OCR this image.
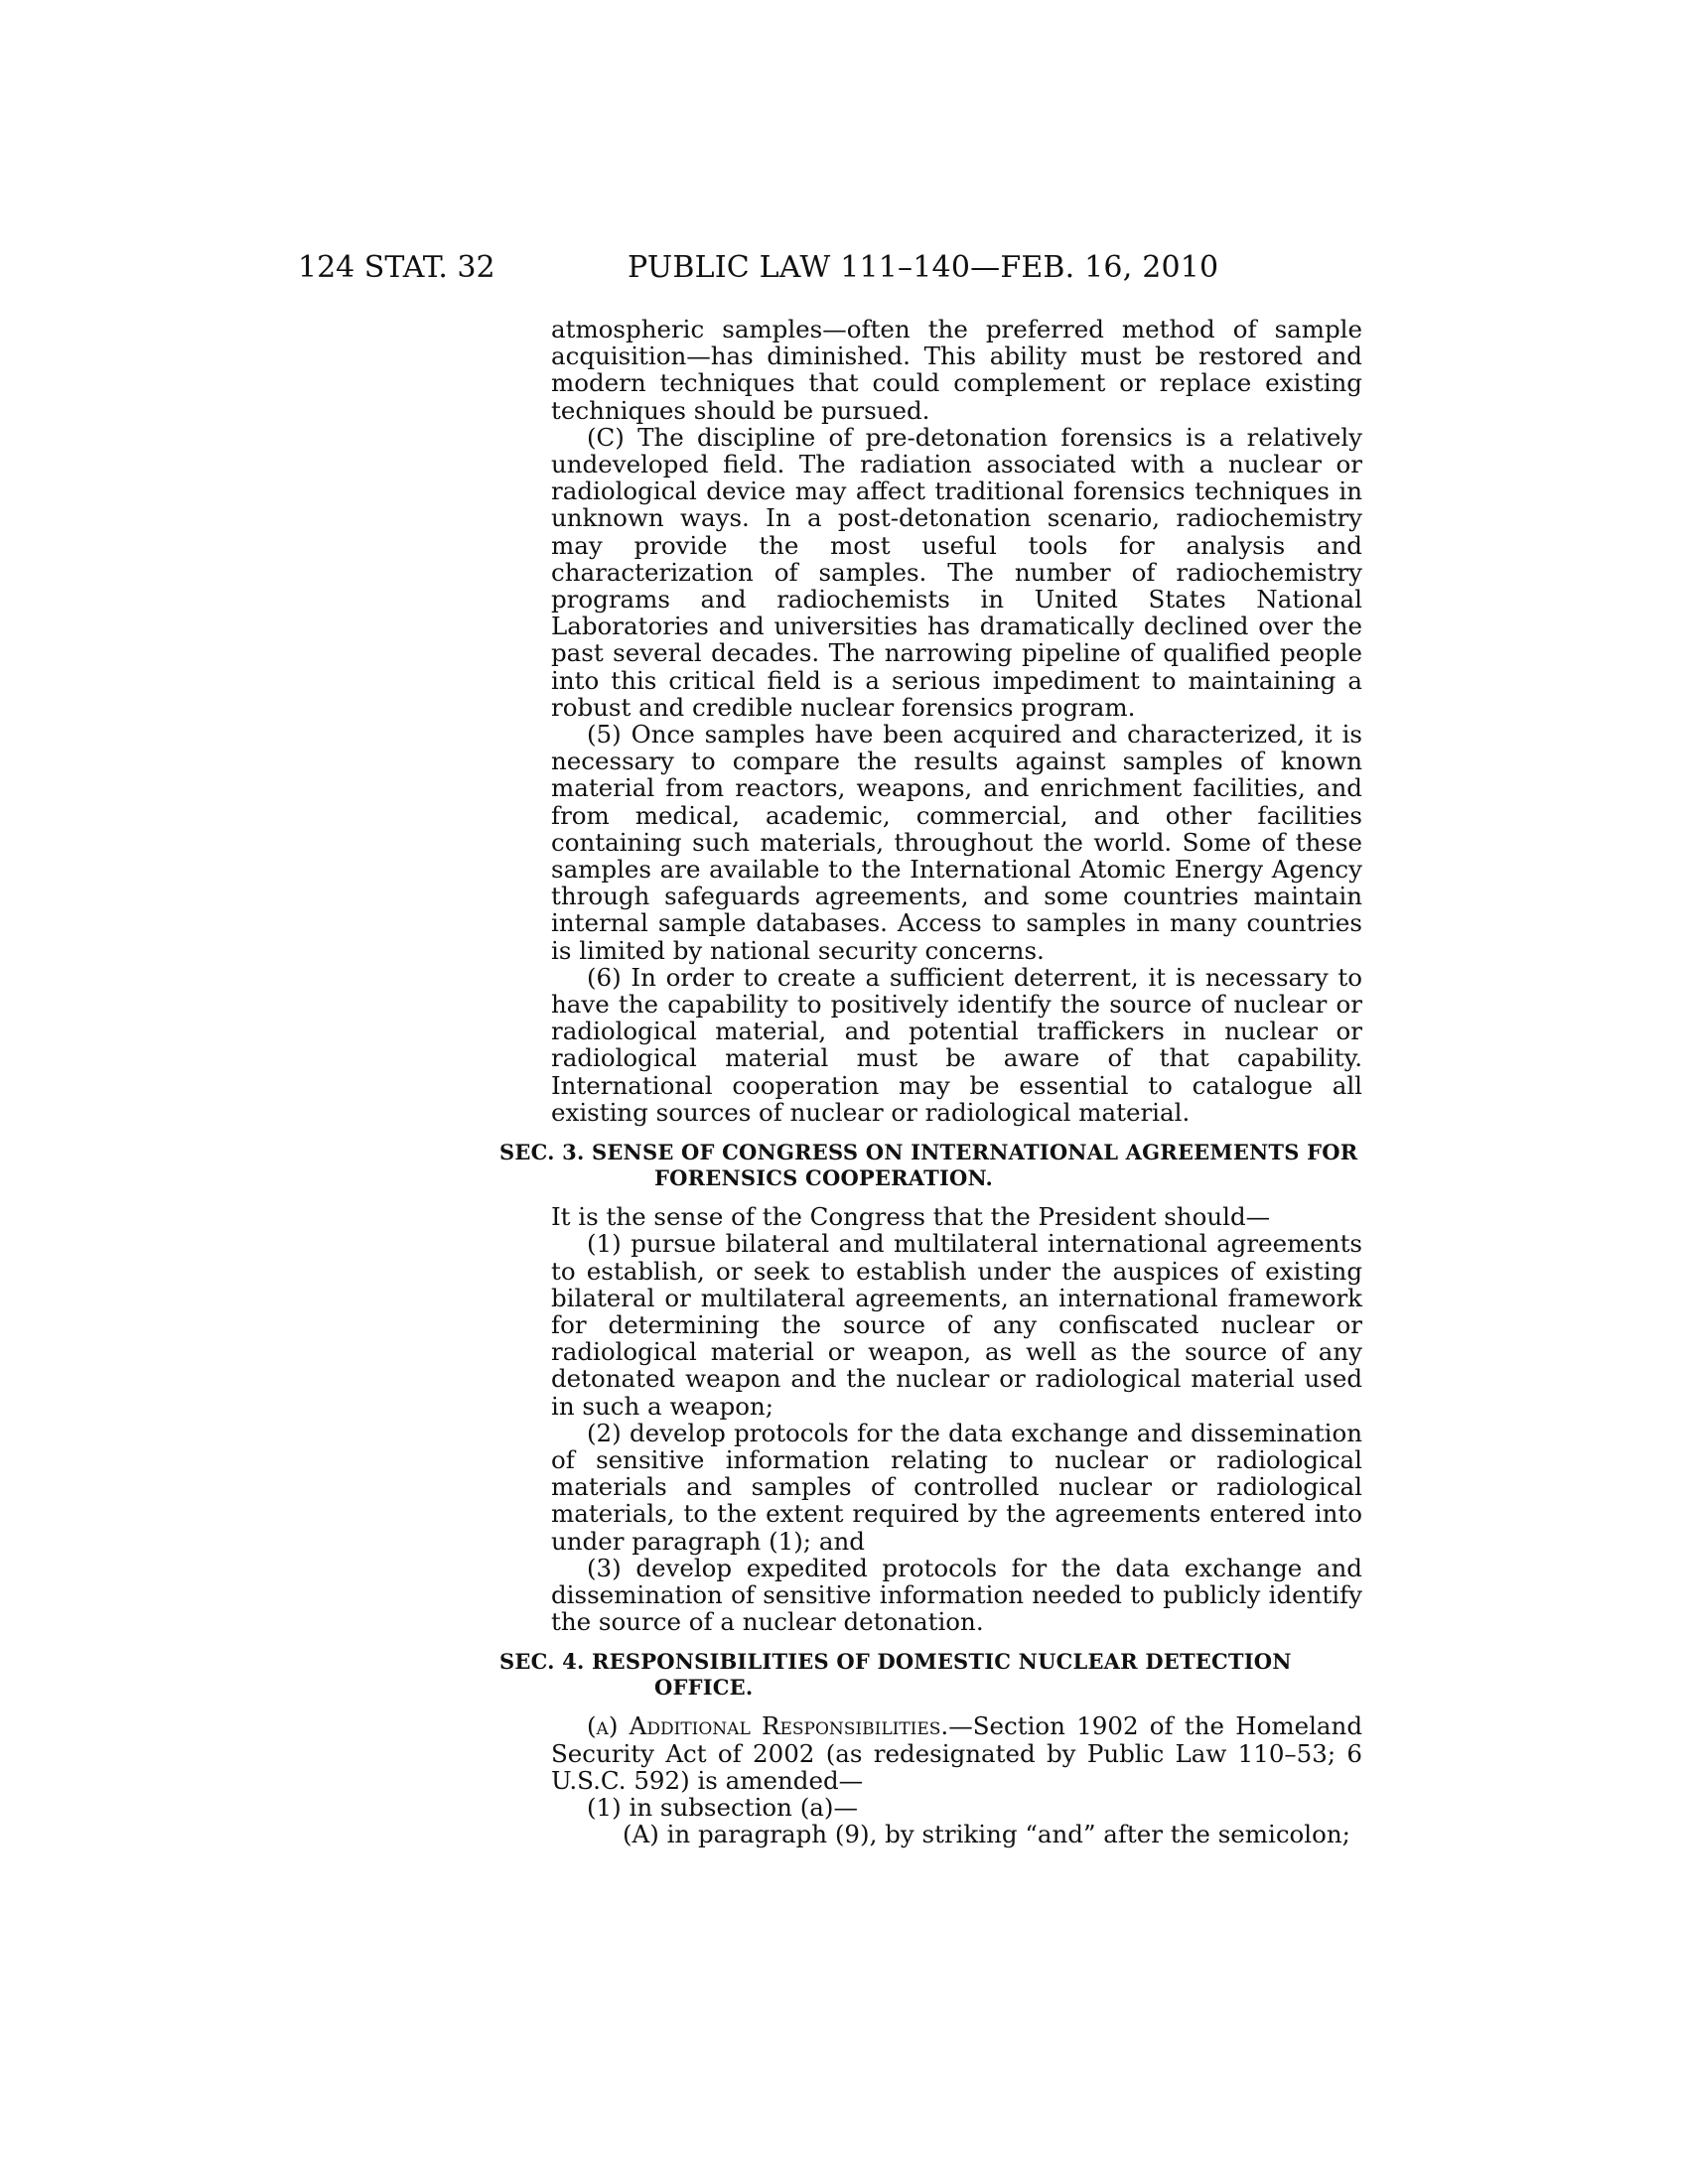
124 STAT. 32	PUBLIC LAW 111–140—FEB. 16, 2010

atmospheric samples—often the preferred method of sample acquisition—has diminished. This ability must be restored and modern techniques that could complement or replace existing techniques should be pursued.

(C) The discipline of pre-detonation forensics is a relatively undeveloped field. The radiation associated with a nuclear or radiological device may affect traditional forensics techniques in unknown ways. In a post-detonation scenario, radiochemistry may provide the most useful tools for analysis and characterization of samples. The number of radiochemistry programs and radiochemists in United States National Laboratories and universities has dramatically declined over the past several decades. The narrowing pipeline of qualified people into this critical field is a serious impediment to maintaining a robust and credible nuclear forensics program.

(5) Once samples have been acquired and characterized, it is necessary to compare the results against samples of known material from reactors, weapons, and enrichment facilities, and from medical, academic, commercial, and other facilities containing such materials, throughout the world. Some of these samples are available to the International Atomic Energy Agency through safeguards agreements, and some countries maintain internal sample databases. Access to samples in many countries is limited by national security concerns.

(6) In order to create a sufficient deterrent, it is necessary to have the capability to positively identify the source of nuclear or radiological material, and potential traffickers in nuclear or radiological material must be aware of that capability. International cooperation may be essential to catalogue all existing sources of nuclear or radiological material.

SEC. 3. SENSE OF CONGRESS ON INTERNATIONAL AGREEMENTS FOR
FORENSICS COOPERATION.

It is the sense of the Congress that the President should—

(1) pursue bilateral and multilateral international agreements to establish, or seek to establish under the auspices of existing bilateral or multilateral agreements, an international framework for determining the source of any confiscated nuclear or radiological material or weapon, as well as the source of any detonated weapon and the nuclear or radiological material used in such a weapon;

(2) develop protocols for the data exchange and dissemination of sensitive information relating to nuclear or radiological materials and samples of controlled nuclear or radiological materials, to the extent required by the agreements entered into under paragraph (1); and

(3) develop expedited protocols for the data exchange and dissemination of sensitive information needed to publicly identify the source of a nuclear detonation.

SEC. 4. RESPONSIBILITIES OF DOMESTIC NUCLEAR DETECTION
OFFICE.

(a) Additional Responsibilities.—Section 1902 of the Homeland Security Act of 2002 (as redesignated by Public Law 110–53; 6 U.S.C. 592) is amended—

(1) in subsection (a)—

(A) in paragraph (9), by striking “and” after the semicolon;
